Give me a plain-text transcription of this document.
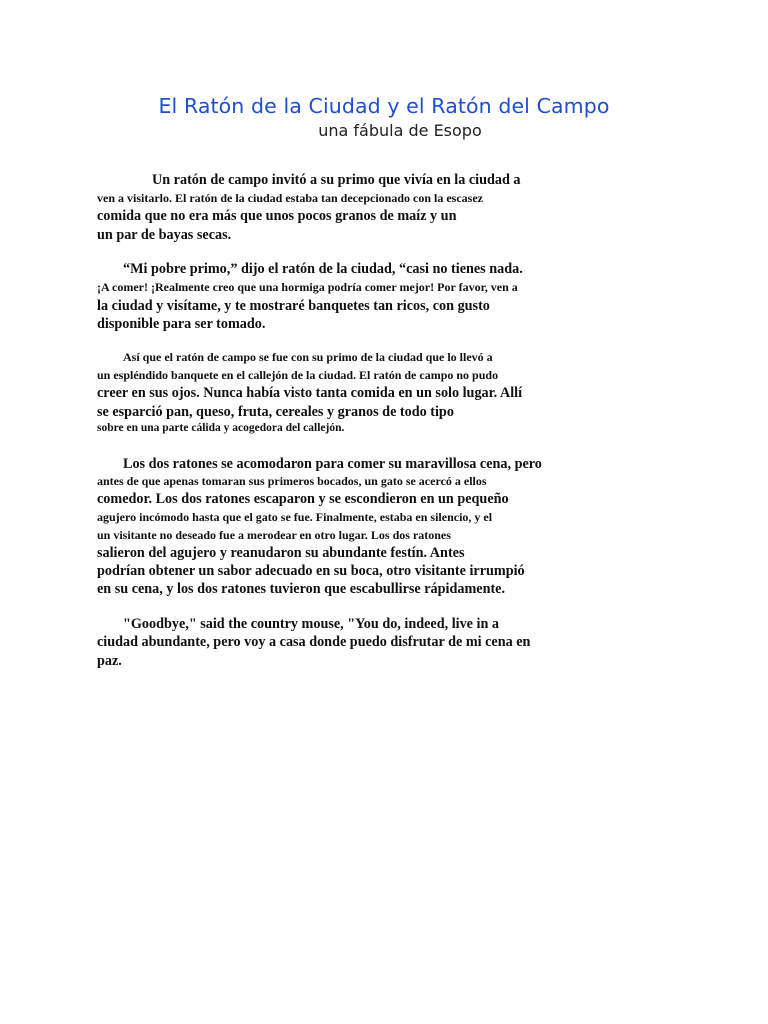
El Ratón de la Ciudad y el Ratón del Campo
una fábula de Esopo
Un ratón de campo invitó a su primo que vivía en la ciudad a
ven a visitarlo. El ratón de la ciudad estaba tan decepcionado con la escasez
comida que no era más que unos pocos granos de maíz y un
un par de bayas secas.
“Mi pobre primo,” dijo el ratón de la ciudad, “casi no tienes nada.
¡A comer! ¡Realmente creo que una hormiga podría comer mejor! Por favor, ven a
la ciudad y visítame, y te mostraré banquetes tan ricos, con gusto
disponible para ser tomado.
Así que el ratón de campo se fue con su primo de la ciudad que lo llevó a
un espléndido banquete en el callejón de la ciudad. El ratón de campo no pudo
creer en sus ojos. Nunca había visto tanta comida en un solo lugar. Allí
se esparció pan, queso, fruta, cereales y granos de todo tipo
sobre en una parte cálida y acogedora del callejón.
Los dos ratones se acomodaron para comer su maravillosa cena, pero
antes de que apenas tomaran sus primeros bocados, un gato se acercó a ellos
comedor. Los dos ratones escaparon y se escondieron en un pequeño
agujero incómodo hasta que el gato se fue. Finalmente, estaba en silencio, y el
un visitante no deseado fue a merodear en otro lugar. Los dos ratones
salieron del agujero y reanudaron su abundante festín. Antes
podrían obtener un sabor adecuado en su boca, otro visitante irrumpió
en su cena, y los dos ratones tuvieron que escabullirse rápidamente.
"Goodbye," said the country mouse, "You do, indeed, live in a
ciudad abundante, pero voy a casa donde puedo disfrutar de mi cena en
paz.
